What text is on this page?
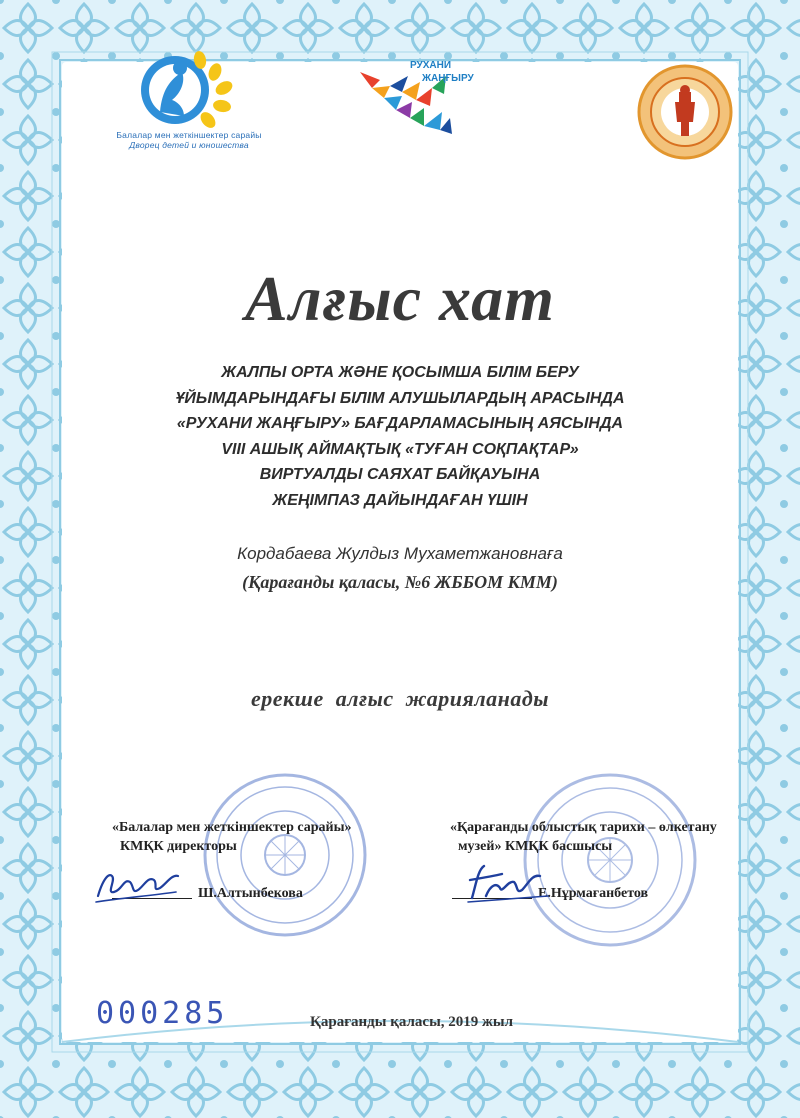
Балалар мен жеткіншектер сарайы
Дворец детей и юношества
РУХАНИ
ЖАҢҒЫРУ
Алғыс хат
ЖАЛПЫ ОРТА ЖӘНЕ ҚОСЫМША БІЛІМ БЕРУ
ҰЙЫМДАРЫНДАҒЫ БІЛІМ АЛУШЫЛАРДЫҢ АРАСЫНДА
«РУХАНИ ЖАҢҒЫРУ» БАҒДАРЛАМАСЫНЫҢ АЯСЫНДА
VIII АШЫҚ АЙМАҚТЫҚ «ТУҒАН СОҚПАҚТАР»
ВИРТУАЛДЫ САЯХАТ БАЙҚАУЫНА
ЖЕҢІМПАЗ ДАЙЫНДАҒАН ҮШІН
Кордабаева Жулдыз Мухаметжановнаға
(Қарағанды қаласы, №6 ЖББОМ КММ)
ерекше алғыс жарияланады
«Балалар мен жеткіншектер сарайы»
КМҚК директоры
«Қарағанды облыстық тарихи – өлкетану
музей» КМҚК басшысы
Ш.Алтынбекова	Е.Нұрмағанбетов
000285	Қарағанды қаласы, 2019 жыл
